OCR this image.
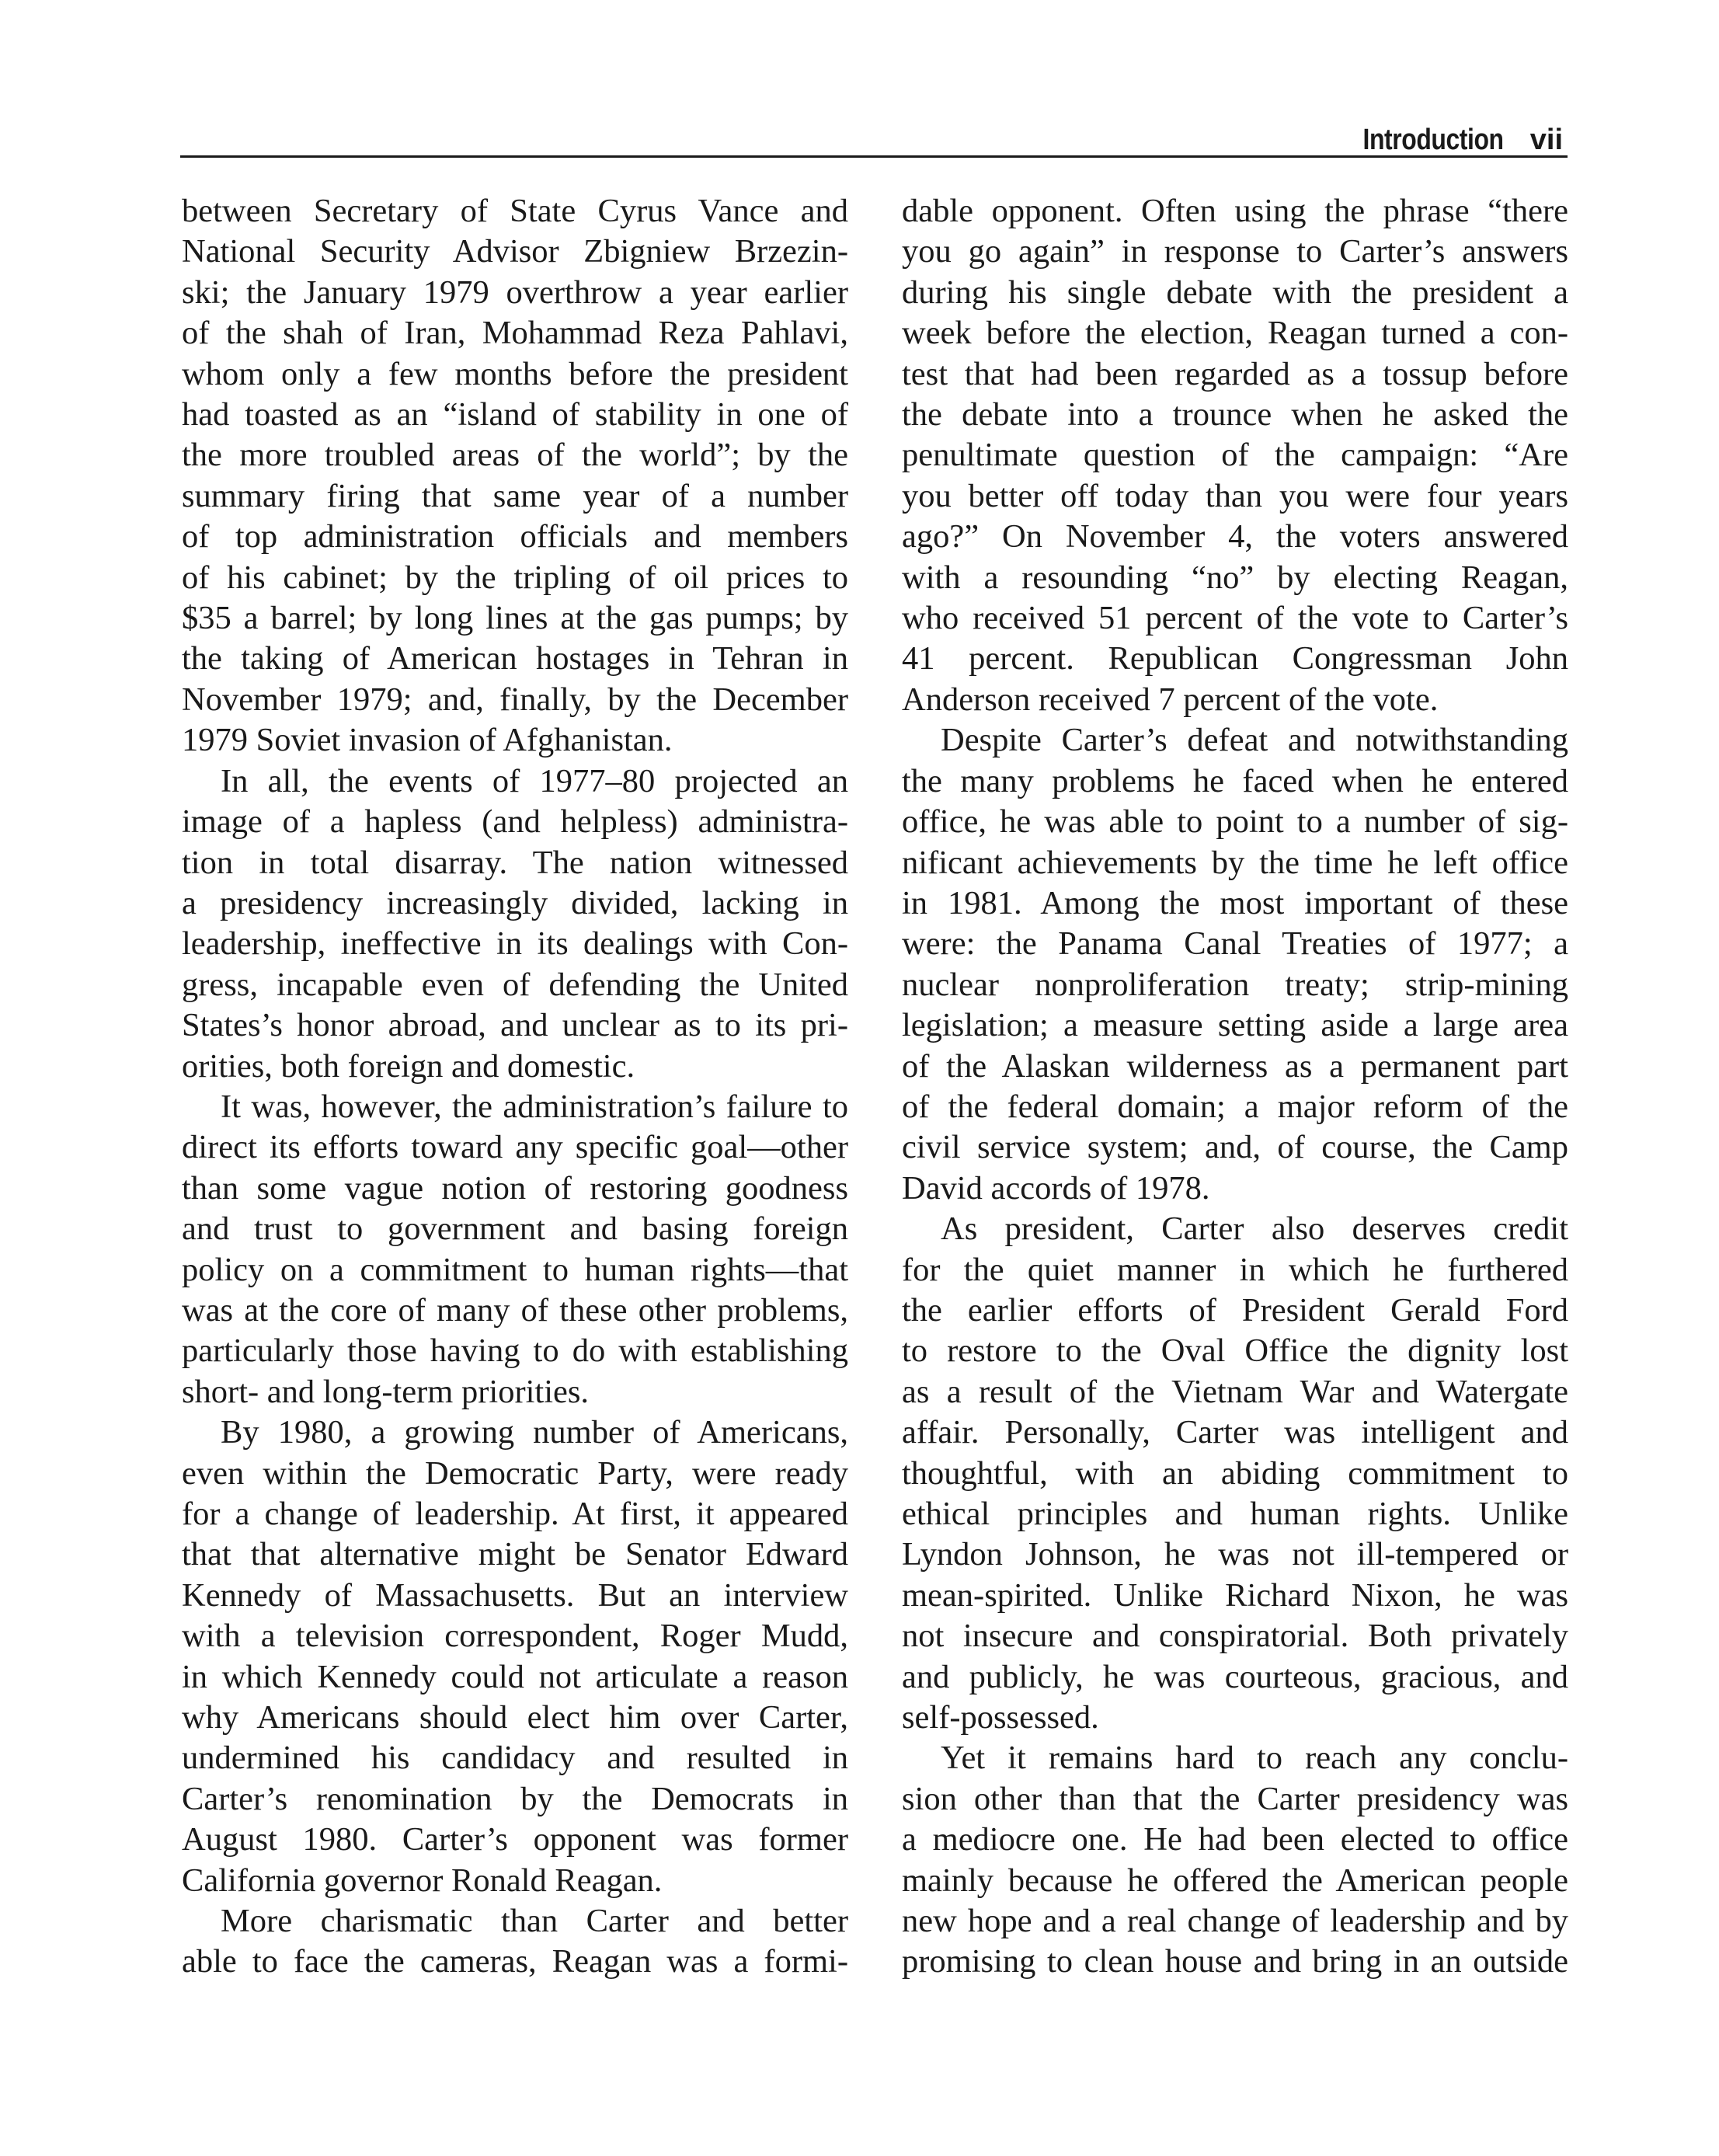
Introduction vii

between Secretary of State Cyrus Vance and
National Security Advisor Zbigniew Brzezin-
ski; the January 1979 overthrow a year earlier
of the shah of Iran, Mohammad Reza Pahlavi,
whom only a few months before the president
had toasted as an “island of stability in one of
the more troubled areas of the world”; by the
summary firing that same year of a number
of top administration officials and members
of his cabinet; by the tripling of oil prices to
$35 a barrel; by long lines at the gas pumps; by
the taking of American hostages in Tehran in
November 1979; and, finally, by the December
1979 Soviet invasion of Afghanistan.

In all, the events of 1977–80 projected an
image of a hapless (and helpless) administra-
tion in total disarray. The nation witnessed
a presidency increasingly divided, lacking in
leadership, ineffective in its dealings with Con-
gress, incapable even of defending the United
States’s honor abroad, and unclear as to its pri-
orities, both foreign and domestic.

It was, however, the administration’s failure to
direct its efforts toward any specific goal—other
than some vague notion of restoring goodness
and trust to government and basing foreign
policy on a commitment to human rights—that
was at the core of many of these other problems,
particularly those having to do with establishing
short- and long-term priorities.

By 1980, a growing number of Americans,
even within the Democratic Party, were ready
for a change of leadership. At first, it appeared
that that alternative might be Senator Edward
Kennedy of Massachusetts. But an interview
with a television correspondent, Roger Mudd,
in which Kennedy could not articulate a reason
why Americans should elect him over Carter,
undermined his candidacy and resulted in
Carter’s renomination by the Democrats in
August 1980. Carter’s opponent was former
California governor Ronald Reagan.

More charismatic than Carter and better
able to face the cameras, Reagan was a formi-

dable opponent. Often using the phrase “there
you go again” in response to Carter’s answers
during his single debate with the president a
week before the election, Reagan turned a con-
test that had been regarded as a tossup before
the debate into a trounce when he asked the
penultimate question of the campaign: “Are
you better off today than you were four years
ago?” On November 4, the voters answered
with a resounding “no” by electing Reagan,
who received 51 percent of the vote to Carter’s
41 percent. Republican Congressman John
Anderson received 7 percent of the vote.

Despite Carter’s defeat and notwithstanding
the many problems he faced when he entered
office, he was able to point to a number of sig-
nificant achievements by the time he left office
in 1981. Among the most important of these
were: the Panama Canal Treaties of 1977; a
nuclear nonproliferation treaty; strip-mining
legislation; a measure setting aside a large area
of the Alaskan wilderness as a permanent part
of the federal domain; a major reform of the
civil service system; and, of course, the Camp
David accords of 1978.

As president, Carter also deserves credit
for the quiet manner in which he furthered
the earlier efforts of President Gerald Ford
to restore to the Oval Office the dignity lost
as a result of the Vietnam War and Watergate
affair. Personally, Carter was intelligent and
thoughtful, with an abiding commitment to
ethical principles and human rights. Unlike
Lyndon Johnson, he was not ill-tempered or
mean-spirited. Unlike Richard Nixon, he was
not insecure and conspiratorial. Both privately
and publicly, he was courteous, gracious, and
self-possessed.

Yet it remains hard to reach any conclu-
sion other than that the Carter presidency was
a mediocre one. He had been elected to office
mainly because he offered the American people
new hope and a real change of leadership and by
promising to clean house and bring in an outside
